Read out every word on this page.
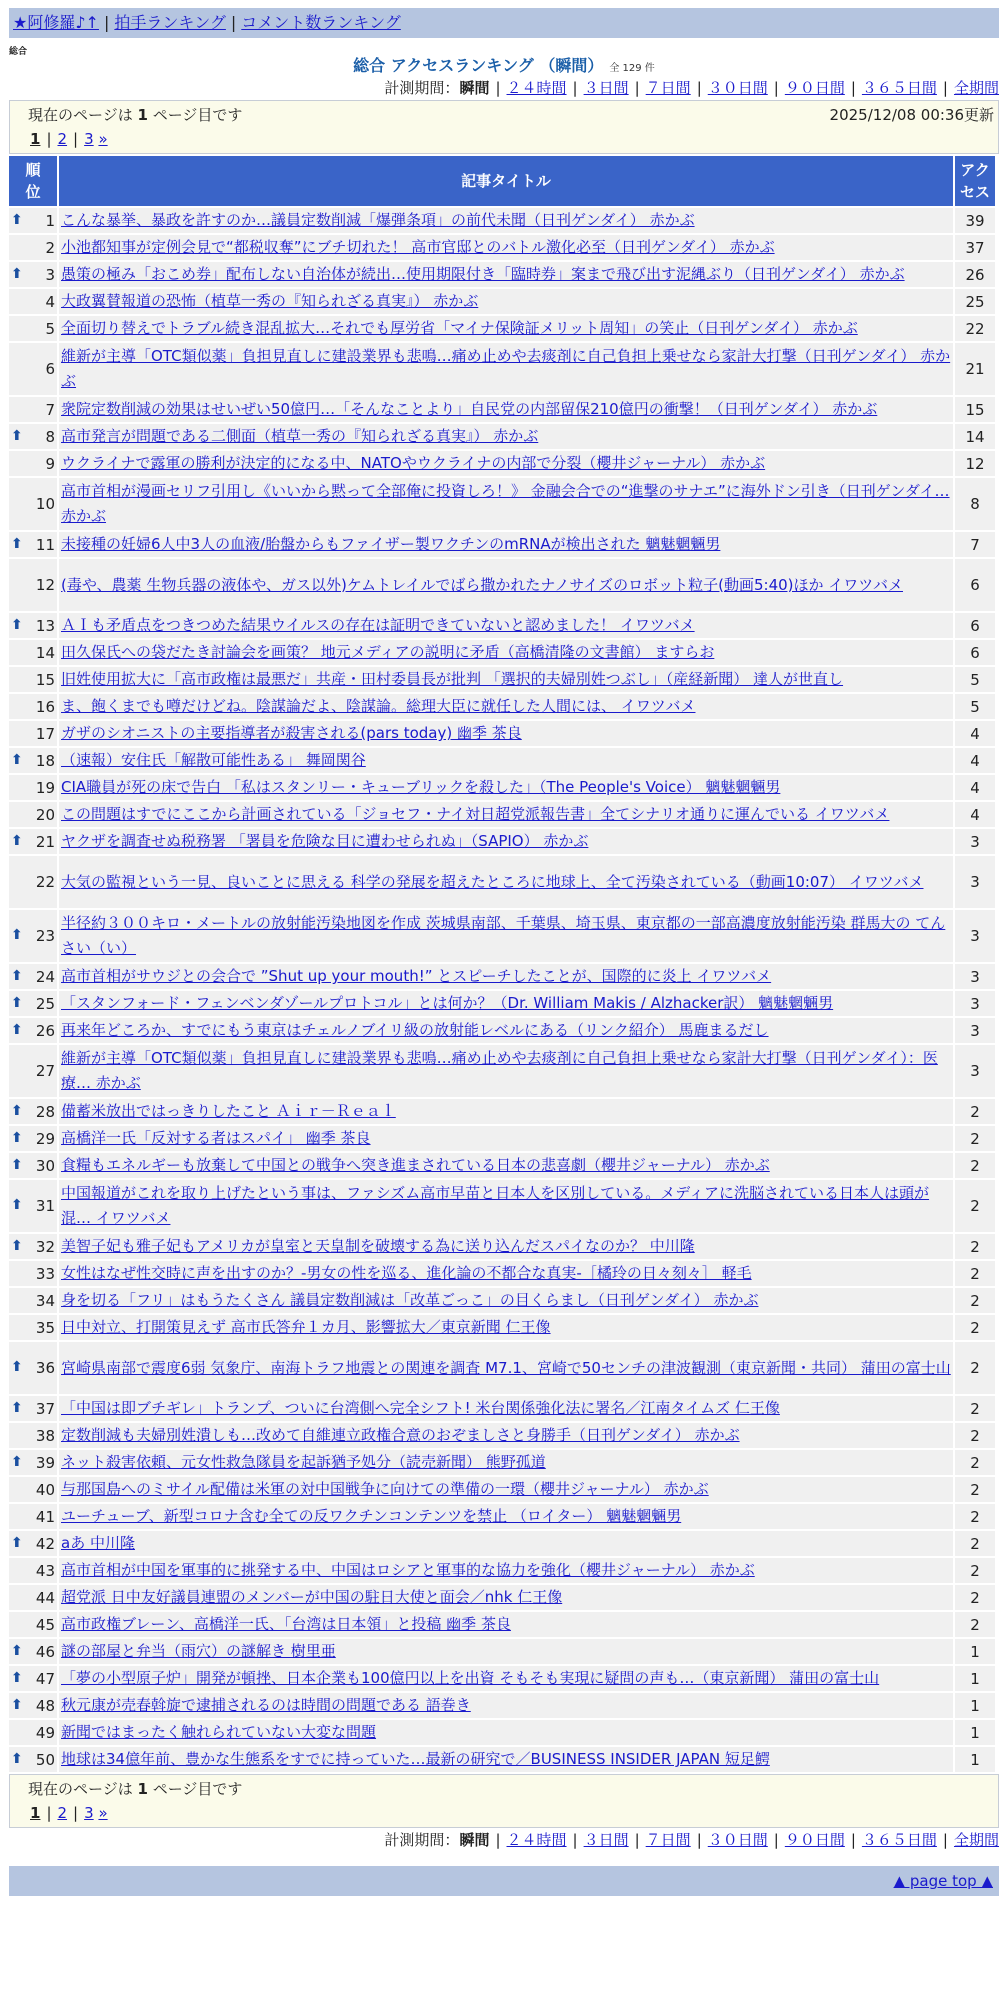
★阿修羅♪↑ | 拍手ランキング | コメント数ランキング
総合
総合 アクセスランキング （瞬間） 全 129 件
計測期間：瞬間 | ２４時間 | ３日間 | ７日間 | ３０日間 | ９０日間 | ３６５日間 | 全期間
現在のページは 1 ページ目です	2025/12/08 00:36更新
1 | 2 | 3 »
順
位	記事タイトル	アク
セス

⬆ 1	こんな暴挙、暴政を許すのか…議員定数削減「爆弾条項」の前代未聞（日刊ゲンダイ） 赤かぶ	39
2	小池都知事が定例会見で“都税収奪”にブチ切れた！ 高市官邸とのバトル激化必至（日刊ゲンダイ） 赤かぶ	37

⬆ 3	愚策の極み「おこめ券」配布しない自治体が続出…使用期限付き「臨時券」案まで飛び出す泥縄ぶり（日刊ゲンダイ） 赤かぶ	26
4	大政翼賛報道の恐怖（植草一秀の『知られざる真実』） 赤かぶ	25
5	全面切り替えでトラブル続き混乱拡大…それでも厚労省「マイナ保険証メリット周知」の笑止（日刊ゲンダイ） 赤かぶ	22
6	維新が主導「OTC類似薬」負担見直しに建設業界も悲鳴…痛め止めや去痰剤に自己負担上乗せなら家計大打撃（日刊ゲンダイ） 赤かぶ	21
7	衆院定数削減の効果はせいぜい50億円…「そんなことより」自民党の内部留保210億円の衝撃！（日刊ゲンダイ） 赤かぶ	15

⬆ 8	高市発言が問題である二側面（植草一秀の『知られざる真実』） 赤かぶ	14
9	ウクライナで露軍の勝利が決定的になる中、NATOやウクライナの内部で分裂（櫻井ジャーナル） 赤かぶ	12
10	高市首相が漫画セリフ引用し《いいから黙って全部俺に投資しろ！》 金融会合での“進撃のサナエ”に海外ドン引き（日刊ゲンダイ… 赤かぶ	8

⬆ 11	未接種の妊婦6人中3人の血液/胎盤からもファイザー製ワクチンのmRNAが検出された 魑魅魍魎男	7
12	(毒や、農薬 生物兵器の液体や、ガス以外)ケムトレイルでばら撒かれたナノサイズのロボット粒子(動画5:40)ほか イワツバメ	6

⬆ 13	ＡＩも矛盾点をつきつめた結果ウイルスの存在は証明できていないと認めました！ イワツバメ	6
14	田久保氏への袋だたき討論会を画策？ 地元メディアの説明に矛盾（高橋清隆の文書館） ますらお	6
15	旧姓使用拡大に「高市政権は最悪だ」共産・田村委員長が批判 「選択的夫婦別姓つぶし」（産経新聞） 達人が世直し	5
16	ま、飽くまでも噂だけどね。陰謀論だよ、陰謀論。総理大臣に就任した人間には、 イワツバメ	5
17	ガザのシオニストの主要指導者が殺害される(pars today) 幽季 茶良	4

⬆ 18	（速報）安住氏「解散可能性ある」 舞岡関谷	4
19	CIA職員が死の床で告白 「私はスタンリー・キューブリックを殺した」（The People's Voice） 魑魅魍魎男	4
20	この問題はすでにここから計画されている「ジョセフ・ナイ対日超党派報告書」全てシナリオ通りに運んでいる イワツバメ	4

⬆ 21	ヤクザを調査せぬ税務署 「署員を危険な目に遭わせられぬ」（SAPIO） 赤かぶ	3
22	大気の監視という一見、良いことに思える 科学の発展を超えたところに地球上、全て汚染されている（動画10:07） イワツバメ	3

⬆ 23	半径約３００キロ・メートルの放射能汚染地図を作成 茨城県南部、千葉県、埼玉県、東京都の一部高濃度放射能汚染 群馬大の てんさい（い）	3

⬆ 24	高市首相がサウジとの会合で ”Shut up your mouth!” とスピーチしたことが、国際的に炎上 イワツバメ	3

⬆ 25	「スタンフォード・フェンベンダゾールプロトコル」とは何か？（Dr. William Makis / Alzhacker訳） 魑魅魍魎男	3

⬆ 26	再来年どころか、すでにもう東京はチェルノブイリ級の放射能レベルにある（リンク紹介） 馬鹿まるだし	3
27	維新が主導「OTC類似薬」負担見直しに建設業界も悲鳴…痛め止めや去痰剤に自己負担上乗せなら家計大打撃（日刊ゲンダイ）：医療… 赤かぶ	3

⬆ 28	備蓄米放出ではっきりしたこと Ａｉｒ－Ｒｅａｌ	2

⬆ 29	高橋洋一氏「反対する者はスパイ」 幽季 茶良	2

⬆ 30	食糧もエネルギーも放棄して中国との戦争へ突き進まされている日本の悲喜劇（櫻井ジャーナル） 赤かぶ	2

⬆ 31	中国報道がこれを取り上げたという事は、ファシズム高市早苗と日本人を区別している。メディアに洗脳されている日本人は頭が混… イワツバメ	2

⬆ 32	美智子妃も雅子妃もアメリカが皇室と天皇制を破壊する為に送り込んだスパイなのか？ 中川隆	2
33	女性はなぜ性交時に声を出すのか？-男女の性を巡る、進化論の不都合な真実-［橘玲の日々刻々］ 軽毛	2
34	身を切る「フリ」はもうたくさん 議員定数削減は「改革ごっこ」の目くらまし（日刊ゲンダイ） 赤かぶ	2
35	日中対立、打開策見えず 高市氏答弁１カ月、影響拡大／東京新聞 仁王像	2

⬆ 36	宮崎県南部で震度6弱 気象庁、南海トラフ地震との関連を調査 M7.1、宮崎で50センチの津波観測（東京新聞・共同） 蒲田の富士山	2

⬆ 37	「中国は即ブチギレ」トランプ、ついに台湾側へ完全シフト! 米台関係強化法に署名／江南タイムズ 仁王像	2
38	定数削減も夫婦別姓潰しも…改めて自維連立政権合意のおぞましさと身勝手（日刊ゲンダイ） 赤かぶ	2

⬆ 39	ネット殺害依頼、元女性救急隊員を起訴猶予処分（読売新聞） 熊野孤道	2
40	与那国島へのミサイル配備は米軍の対中国戦争に向けての準備の一環（櫻井ジャーナル） 赤かぶ	2
41	ユーチューブ、新型コロナ含む全ての反ワクチンコンテンツを禁止 （ロイター） 魑魅魍魎男	2

⬆ 42	aあ 中川隆	2
43	高市首相が中国を軍事的に挑発する中、中国はロシアと軍事的な協力を強化（櫻井ジャーナル） 赤かぶ	2
44	超党派 日中友好議員連盟のメンバーが中国の駐日大使と面会／nhk 仁王像	2
45	高市政権ブレーン、高橋洋一氏、「台湾は日本領」と投稿 幽季 茶良	2

⬆ 46	謎の部屋と弁当（雨穴）の謎解き 樹里亜	1

⬆ 47	「夢の小型原子炉」開発が頓挫、日本企業も100億円以上を出資 そもそも実現に疑問の声も…（東京新聞） 蒲田の富士山	1

⬆ 48	秋元康が売春斡旋で逮捕されるのは時間の問題である 語巻き	1
49	新聞ではまったく触れられていない大変な問題	1

⬆ 50	地球は34億年前、豊かな生態系をすでに持っていた…最新の研究で／BUSINESS INSIDER JAPAN 短足鰐	1
現在のページは 1 ページ目です
1 | 2 | 3 »
計測期間：瞬間 | ２４時間 | ３日間 | ７日間 | ３０日間 | ９０日間 | ３６５日間 | 全期間
▲ page top ▲
